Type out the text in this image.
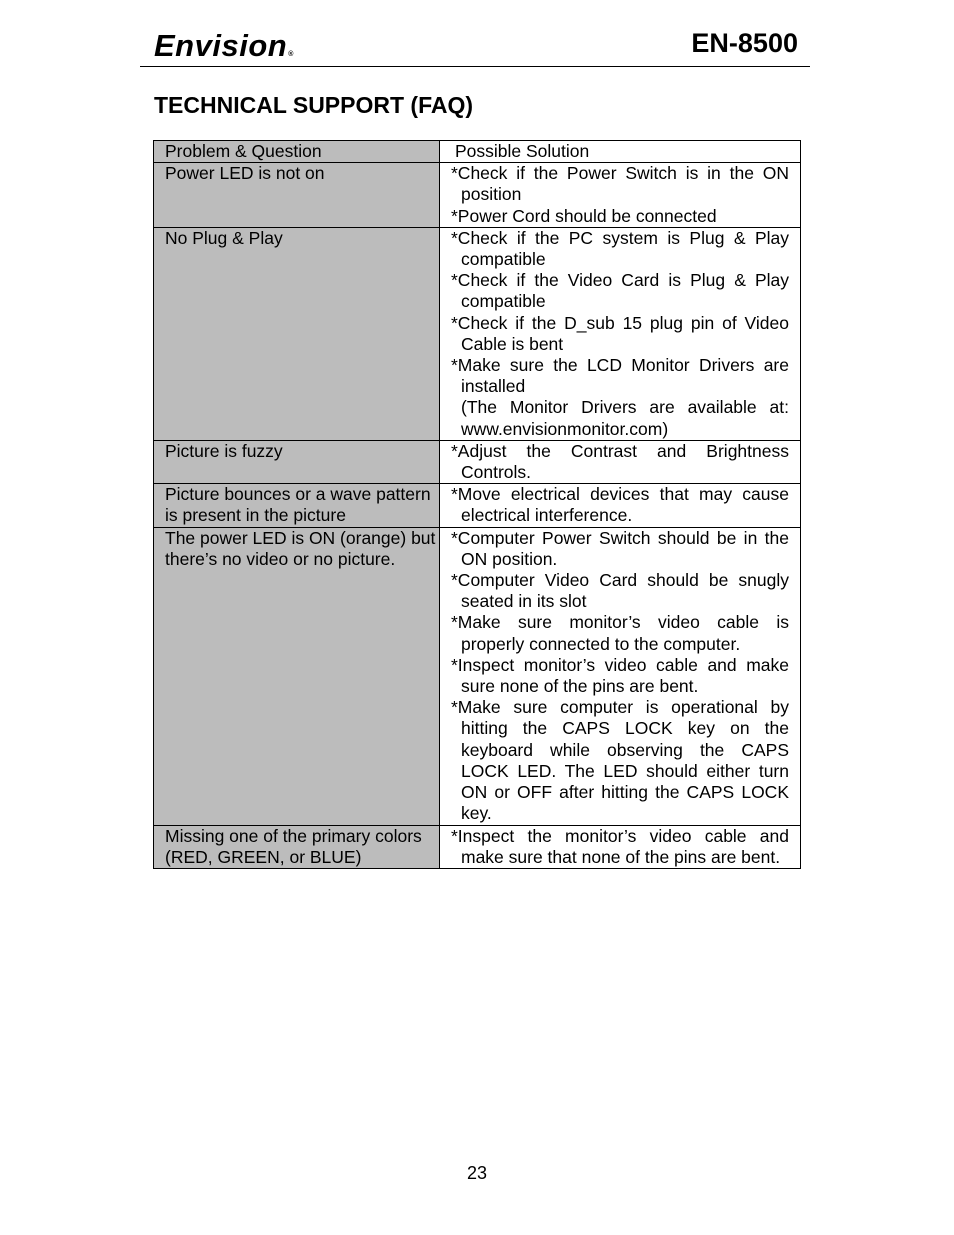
Envision®	EN-8500
TECHNICAL SUPPORT (FAQ)
Problem & Question	Possible Solution

Power LED is not on	*Check if the Power Switch is in the ON position
*Power Cord should be connected

No Plug & Play	*Check if the PC system is Plug & Play compatible
*Check if the Video Card is Plug & Play compatible
*Check if the D_sub 15 plug pin of Video Cable is bent
*Make sure the LCD Monitor Drivers are installed
(The Monitor Drivers are available at: www.envisionmonitor.com)

Picture is fuzzy	*Adjust the Contrast and Brightness Controls.

Picture bounces or a wave pattern is present in the picture	*Move electrical devices that may cause electrical interference.

The power LED is ON (orange) but there’s no video or no picture.	*Computer Power Switch should be in the ON position.
*Computer Video Card should be snugly seated in its slot
*Make sure monitor’s video cable is properly connected to the computer.
*Inspect monitor’s video cable and make sure none of the pins are bent.
*Make sure computer is operational by hitting the CAPS LOCK key on the keyboard while observing the CAPS LOCK LED. The LED should either turn ON or OFF after hitting the CAPS LOCK key.

Missing one of the primary colors (RED, GREEN, or BLUE)	*Inspect the monitor’s video cable and make sure that none of the pins are bent.
23
